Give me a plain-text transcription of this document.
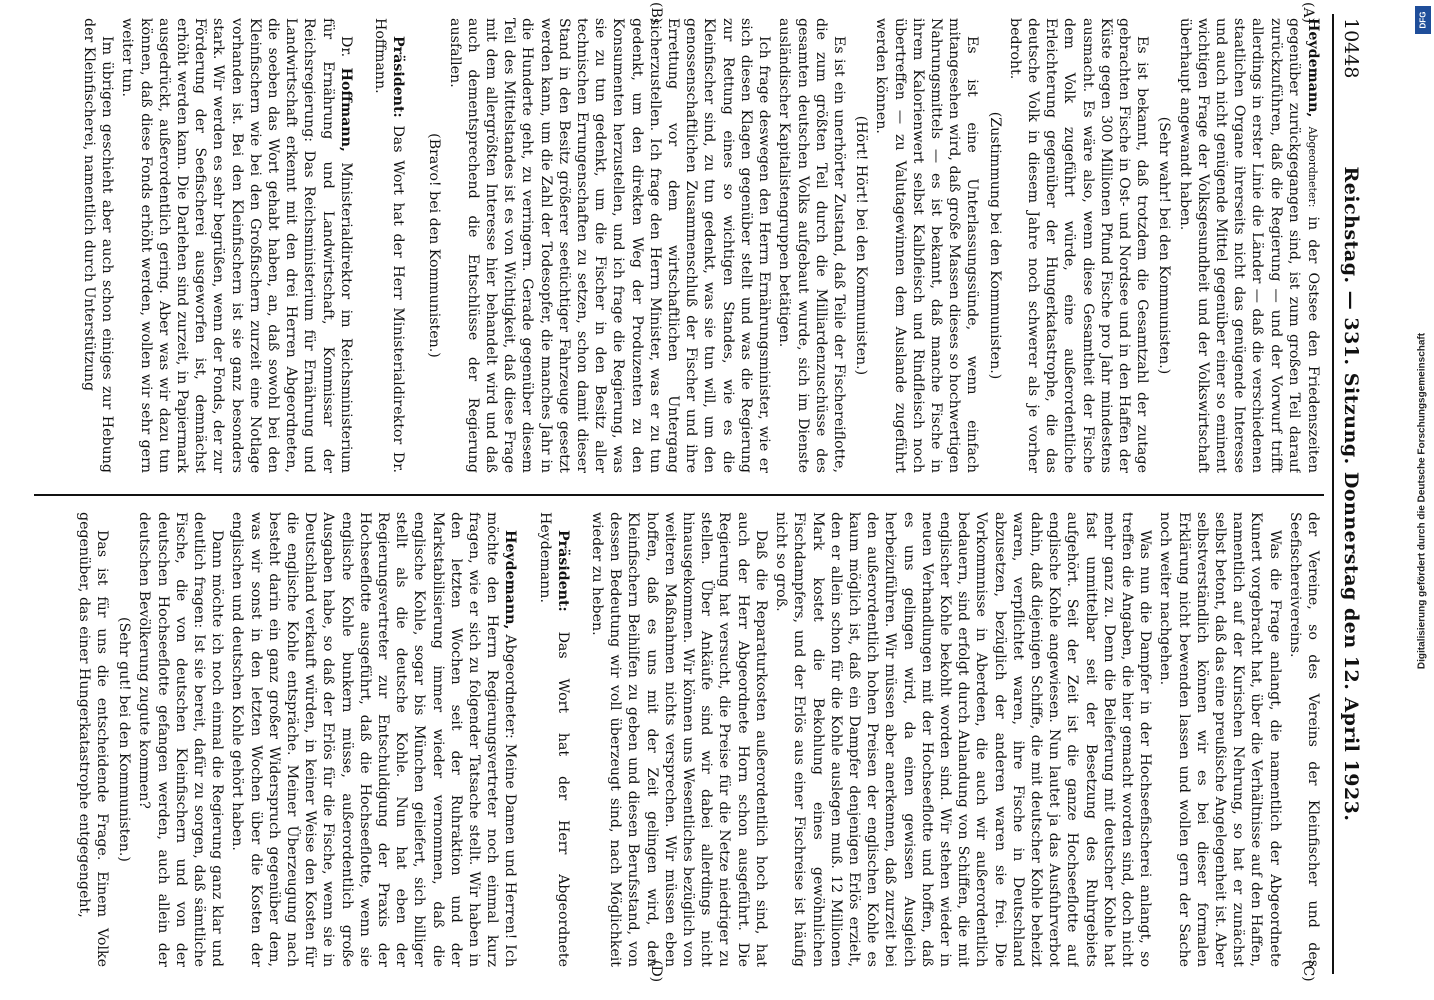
10448
Reichstag. — 331. Sitzung. Donnerstag den 12. April 1923.
(A)
(B)
(C)
(D)

Heydemann, Abgeordneter: in der Ostsee den Friedenszeiten gegenüber zurückgegangen sind, ist zum großen Teil darauf zurückzuführen, daß die Regierung — und der Vorwurf trifft allerdings in erster Linie die Länder — daß die verschiedenen staatlichen Organe ihrerseits nicht das genügende Interesse und auch nicht genügende Mittel gegenüber einer so eminent wichtigen Frage der Volksgesundheit und der Volkswirtschaft überhaupt angewandt haben.

(Sehr wahr! bei den Kommunisten.)

Es ist bekannt, daß trotzdem die Gesamtzahl der zutage gebrachten Fische in Ost- und Nordsee und in den Haffen der Küste gegen 300 Millionen Pfund Fische pro Jahr mindestens ausmacht. Es wäre also, wenn diese Gesamtheit der Fische dem Volk zugeführt würde, eine außerordentliche Erleichterung gegenüber der Hungerkatastrophe, die das deutsche Volk in diesem Jahre noch schwerer als je vorher bedroht.

(Zustimmung bei den Kommunisten.)

Es ist eine Unterlassungssünde, wenn einfach mitangesehen wird, daß große Massen dieses so hochwertigen Nahrungsmittels — es ist bekannt, daß manche Fische in ihrem Kalorienwert selbst Kalbfleisch und Rindfleisch noch übertreffen — zu Valutagewinnen dem Auslande zugeführt werden können.

(Hört! Hört! bei den Kommunisten.)

Es ist ein unerhörter Zustand, daß Teile der Fischereiflotte, die zum größten Teil durch die Milliardenzuschüsse des gesamten deutschen Volks aufgebaut wurde, sich im Dienste ausländischer Kapitalistengruppen betätigen.

Ich frage deswegen den Herrn Ernährungsminister, wie er sich diesen Klagen gegenüber stellt und was die Regierung zur Rettung eines so wichtigen Standes, wie es die Kleinfischer sind, zu tun gedenkt, was sie tun will, um den genossenschaftlichen Zusammenschluß der Fischer und ihre Errettung vor dem wirtschaftlichen Untergang sicherzustellen. Ich frage den Herrn Minister, was er zu tun gedenkt, um den direkten Weg der Produzenten zu den Konsumenten herzustellen, und ich frage die Regierung, was sie zu tun gedenkt, um die Fischer in den Besitz aller technischen Errungenschaften zu setzen, schon damit dieser Stand in den Besitz größerer seetüchtiger Fahrzeuge gesetzt werden kann, um die Zahl der Todesopfer, die manches Jahr in die Hunderte geht, zu verringern. Gerade gegenüber diesem Teil des Mittelstandes ist es von Wichtigkeit, daß diese Frage mit dem allergrößten Interesse hier behandelt wird und daß auch dementsprechend die Entschlüsse der Regierung ausfallen.

(Bravo! bei den Kommunisten.)

Präsident: Das Wort hat der Herr Ministerialdirektor Dr. Hoffmann.

Dr. Hoffmann, Ministerialdirektor im Reichsministerium für Ernährung und Landwirtschaft, Kommissar der Reichsregierung: Das Reichsministerium für Ernährung und Landwirtschaft erkennt mit den drei Herren Abgeordneten, die soeben das Wort gehabt haben, an, daß sowohl bei den Kleinfischern wie bei den Großfischern zurzeit eine Notlage vorhanden ist. Bei den Kleinfischern ist sie ganz besonders stark. Wir werden es sehr begrüßen, wenn der Fonds, der zur Förderung der Seefischerei ausgeworfen ist, demnächst erhöht werden kann. Die Darlehen sind zurzeit, in Papiermark ausgedrückt, außerordentlich gering. Aber was wir dazu tun können, daß diese Fonds erhöht werden, wollen wir sehr gern weiter tun.

Im übrigen geschieht aber auch schon einiges zur Hebung der Kleinfischerei, namentlich durch Unterstützung

der Vereine, so des Vereins der Kleinfischer und des Seefischereivereins.

Was die Frage anlangt, die namentlich der Abgeordnete Kunert vorgebracht hat, über die Verhältnisse auf den Haffen, namentlich auf der Kurischen Nehrung, so hat er zunächst selbst betont, daß das eine preußische Angelegenheit ist. Aber selbstverständlich können wir es bei dieser formalen Erklärung nicht bewenden lassen und wollen gern der Sache noch weiter nachgehen.

Was nun die Dampfer in der Hochseefischerei anlangt, so treffen die Angaben, die hier gemacht worden sind, doch nicht mehr ganz zu. Denn die Belieferung mit deutscher Kohle hat fast unmittelbar seit der Besetzung des Ruhrgebiets aufgehört. Seit der Zeit ist die ganze Hochseeflotte auf englische Kohle angewiesen. Nun lautet ja das Ausfuhrverbot dahin, daß diejenigen Schiffe, die mit deutscher Kohle beheizt waren, verpflichtet waren, ihre Fische in Deutschland abzusetzen, bezüglich der anderen waren sie frei. Die Vorkommnisse in Aberdeen, die auch wir außerordentlich bedauern, sind erfolgt durch Anlandung von Schiffen, die mit englischer Kohle bekohlt worden sind. Wir stehen wieder in neuen Verhandlungen mit der Hochseeflotte und hoffen, daß es uns gelingen wird, da einen gewissen Ausgleich herbeizuführen. Wir müssen aber anerkennen, daß zurzeit bei den außerordentlich hohen Preisen der englischen Kohle es kaum möglich ist, daß ein Dampfer denjenigen Erlös erzielt, den er allein schon für die Kohle auslegen muß. 12 Millionen Mark kostet die Bekohlung eines gewöhnlichen Fischdampfers, und der Erlös aus einer Fischreise ist häufig nicht so groß.

Daß die Reparaturkosten außerordentlich hoch sind, hat auch der Herr Abgeordnete Horn schon ausgeführt. Die Regierung hat versucht, die Preise für die Netze niedriger zu stellen. Über Ankäufe sind wir dabei allerdings nicht hinausgekommen. Wir können uns Wesentliches bezüglich von weiteren Maßnahmen nichts versprechen. Wir müssen eben hoffen, daß es uns mit der Zeit gelingen wird, den Kleinfischern Beihilfen zu geben und diesen Berufsstand, von dessen Bedeutung wir voll überzeugt sind, nach Möglichkeit wieder zu heben.

Präsident: Das Wort hat der Herr Abgeordnete Heydemann.

Heydemann, Abgeordneter: Meine Damen und Herren! Ich möchte den Herrn Regierungsvertreter noch einmal kurz fragen, wie er sich zu folgender Tatsache stellt. Wir haben in den letzten Wochen seit der Ruhraktion und der Markstabilisierung immer wieder vernommen, daß die englische Kohle, sogar bis München geliefert, sich billiger stellt als die deutsche Kohle. Nun hat eben der Regierungsvertreter zur Entschuldigung der Praxis der Hochseeflotte ausgeführt, daß die Hochseeflotte, wenn sie englische Kohle bunkern müsse, außerordentlich große Ausgaben habe, so daß der Erlös für die Fische, wenn sie in Deutschland verkauft würden, in keiner Weise den Kosten für die englische Kohle entspräche. Meiner Überzeugung nach besteht darin ein ganz großer Widerspruch gegenüber dem, was wir sonst in den letzten Wochen über die Kosten der englischen und deutschen Kohle gehört haben.

Dann möchte ich noch einmal die Regierung ganz klar und deutlich fragen: Ist sie bereit, dafür zu sorgen, daß sämtliche Fische, die von deutschen Kleinfischern und von der deutschen Hochseeflotte gefangen werden, auch allein der deutschen Bevölkerung zugute kommen?

(Sehr gut! bei den Kommunisten.)

Das ist für uns die entscheidende Frage. Einem Volke gegenüber, das einer Hungerkatastrophe entgegengeht,

Digitalisierung gefördert durch die Deutsche Forschungsgemeinschaft
DFG
